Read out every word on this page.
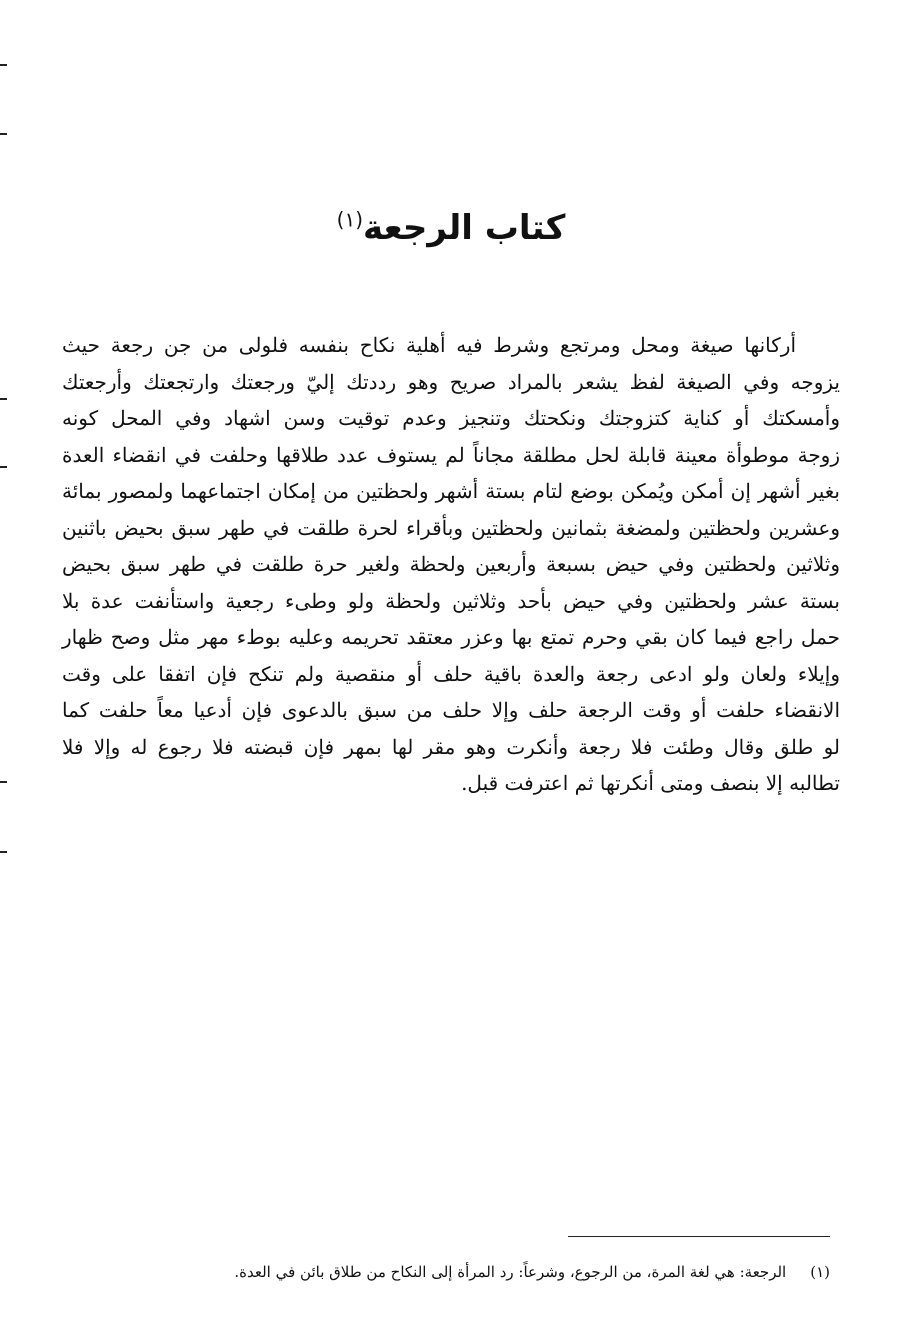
كتاب الرجعة$^{(١)}$
أركانها صيغة ومحل ومرتجع وشرط فيه أهلية نكاح بنفسه فلولى من جن رجعة حيث
يزوجه وفي الصيغة لفظ يشعر بالمراد صريح وهو رددتك إليّ ورجعتك وارتجعتك وأرجعتك
وأمسكتك أو كناية كتزوجتك ونكحتك وتنجيز وعدم توقيت وسن اشهاد وفي المحل كونه
زوجة موطوأة معينة قابلة لحل مطلقة مجاناً لم يستوف عدد طلاقها وحلفت في انقضاء العدة
بغير أشهر إن أمكن ويُمكن بوضع لتام بستة أشهر ولحظتين من إمكان اجتماعهما ولمصور بمائة
وعشرين ولحظتين ولمضغة بثمانين ولحظتين وبأقراء لحرة طلقت في طهر سبق بحيض باثنين
وثلاثين ولحظتين وفي حيض بسبعة وأربعين ولحظة ولغير حرة طلقت في طهر سبق بحيض
بستة عشر ولحظتين وفي حيض بأحد وثلاثين ولحظة ولو وطىء رجعية واستأنفت عدة بلا
حمل راجع فيما كان بقي وحرم تمتع بها وعزر معتقد تحريمه وعليه بوطء مهر مثل وصح ظهار
وإيلاء ولعان ولو ادعى رجعة والعدة باقية حلف أو منقصية ولم تنكح فإن اتفقا على وقت
الانقضاء حلفت أو وقت الرجعة حلف وإلا حلف من سبق بالدعوى فإن أدعيا معاً حلفت كما
لو طلق وقال وطئت فلا رجعة وأنكرت وهو مقر لها بمهر فإن قبضته فلا رجوع له وإلا فلا
تطالبه إلا بنصف ومتى أنكرتها ثم اعترفت قبل.

(١)الرجعة: هي لغة المرة، من الرجوع، وشرعاً: رد المرأة إلى النكاح من طلاق بائن في العدة.
